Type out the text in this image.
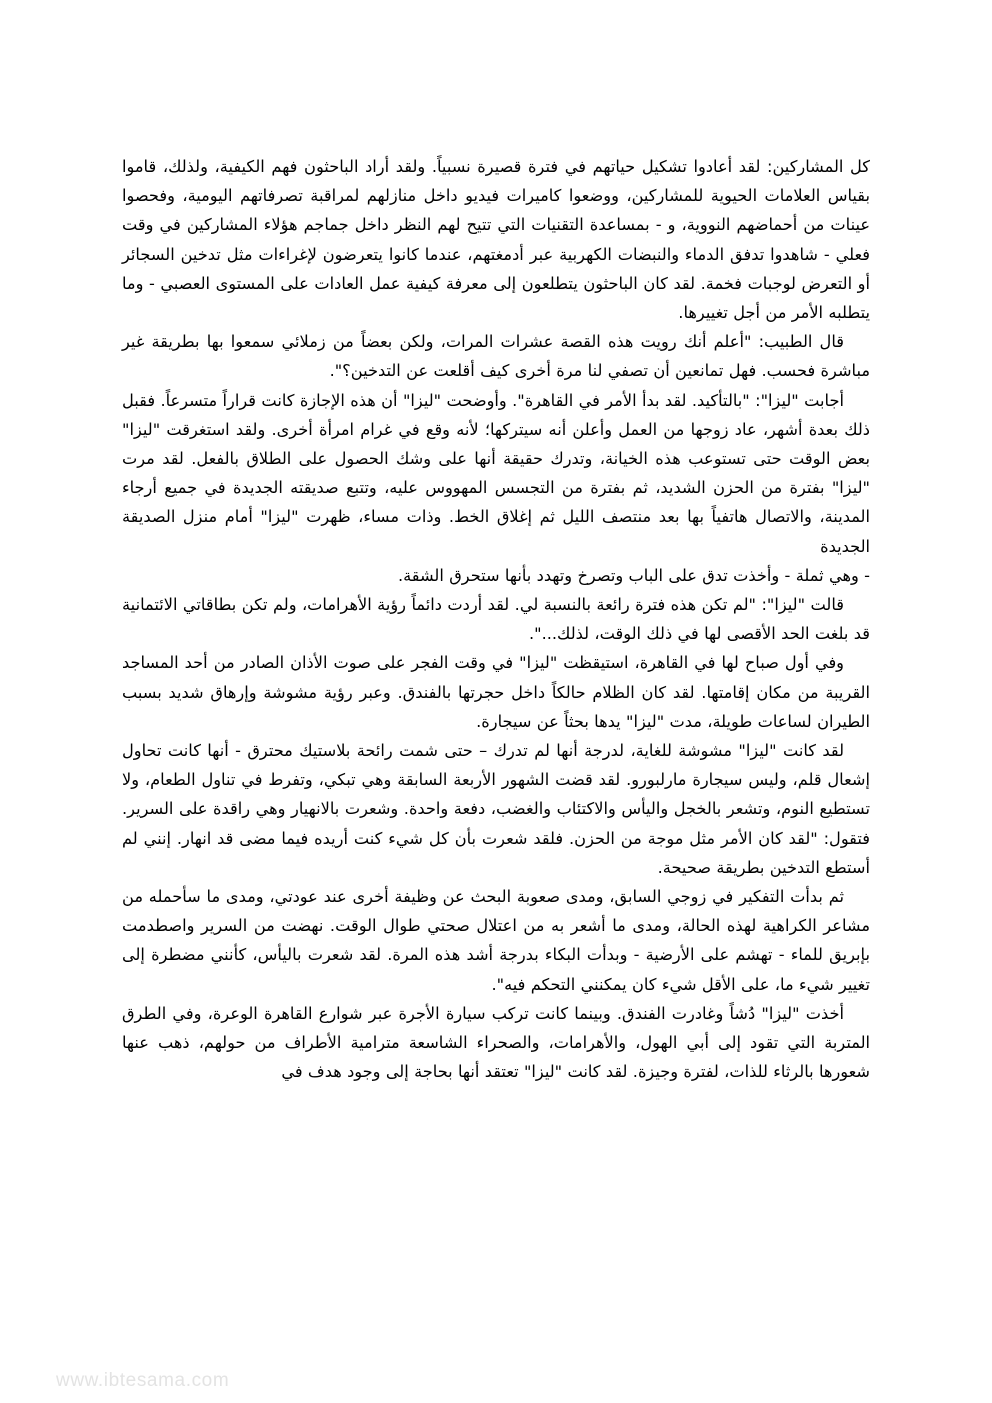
كل المشاركين: لقد أعادوا تشكيل حياتهم في فترة قصيرة نسبياً. ولقد أراد الباحثون فهم الكيفية، ولذلك، قاموا بقياس العلامات الحيوية للمشاركين، ووضعوا كاميرات فيديو داخل منازلهم لمراقبة تصرفاتهم اليومية، وفحصوا عينات من أحماضهم النووية، و - بمساعدة التقنيات التي تتيح لهم النظر داخل جماجم هؤلاء المشاركين في وقت فعلي - شاهدوا تدفق الدماء والنبضات الكهربية عبر أدمغتهم، عندما كانوا يتعرضون لإغراءات مثل تدخين السجائر أو التعرض لوجبات فخمة. لقد كان الباحثون يتطلعون إلى معرفة كيفية عمل العادات على المستوى العصبي - وما يتطلبه الأمر من أجل تغييرها.

قال الطبيب: "أعلم أنك رويت هذه القصة عشرات المرات، ولكن بعضاً من زملائي سمعوا بها بطريقة غير مباشرة فحسب. فهل تمانعين أن تصفي لنا مرة أخرى كيف أقلعت عن التدخين؟".

أجابت "ليزا": "بالتأكيد. لقد بدأ الأمر في القاهرة". وأوضحت "ليزا" أن هذه الإجازة كانت قراراً متسرعاً. فقبل ذلك بعدة أشهر، عاد زوجها من العمل وأعلن أنه سيتركها؛ لأنه وقع في غرام امرأة أخرى. ولقد استغرقت "ليزا" بعض الوقت حتى تستوعب هذه الخيانة، وتدرك حقيقة أنها على وشك الحصول على الطلاق بالفعل. لقد مرت "ليزا" بفترة من الحزن الشديد، ثم بفترة من التجسس المهووس عليه، وتتبع صديقته الجديدة في جميع أرجاء المدينة، والاتصال هاتفياً بها بعد منتصف الليل ثم إغلاق الخط. وذات مساء، ظهرت "ليزا" أمام منزل الصديقة الجديدة

- وهي ثملة - وأخذت تدق على الباب وتصرخ وتهدد بأنها ستحرق الشقة.

قالت "ليزا": "لم تكن هذه فترة رائعة بالنسبة لي. لقد أردت دائماً رؤية الأهرامات، ولم تكن بطاقاتي الائتمانية قد بلغت الحد الأقصى لها في ذلك الوقت، لذلك...".

وفي أول صباح لها في القاهرة، استيقظت "ليزا" في وقت الفجر على صوت الأذان الصادر من أحد المساجد القريبة من مكان إقامتها. لقد كان الظلام حالكاً داخل حجرتها بالفندق. وعبر رؤية مشوشة وإرهاق شديد بسبب الطيران لساعات طويلة، مدت "ليزا" يدها بحثاً عن سيجارة.

لقد كانت "ليزا" مشوشة للغاية، لدرجة أنها لم تدرك – حتى شمت رائحة بلاستيك محترق - أنها كانت تحاول إشعال قلم، وليس سيجارة مارلبورو. لقد قضت الشهور الأربعة السابقة وهي تبكي، وتفرط في تناول الطعام، ولا تستطيع النوم، وتشعر بالخجل واليأس والاكتئاب والغضب، دفعة واحدة. وشعرت بالانهيار وهي راقدة على السرير. فتقول: "لقد كان الأمر مثل موجة من الحزن. فلقد شعرت بأن كل شيء كنت أريده فيما مضى قد انهار. إنني لم أستطع التدخين بطريقة صحيحة.

ثم بدأت التفكير في زوجي السابق، ومدى صعوبة البحث عن وظيفة أخرى عند عودتي، ومدى ما سأحمله من مشاعر الكراهية لهذه الحالة، ومدى ما أشعر به من اعتلال صحتي طوال الوقت. نهضت من السرير واصطدمت بإبريق للماء - تهشم على الأرضية - وبدأت البكاء بدرجة أشد هذه المرة. لقد شعرت باليأس، كأنني مضطرة إلى تغيير شيء ما، على الأقل شيء كان يمكنني التحكم فيه".

أخذت "ليزا" دُشاً وغادرت الفندق. وبينما كانت تركب سيارة الأجرة عبر شوارع القاهرة الوعرة، وفي الطرق المتربة التي تقود إلى أبي الهول، والأهرامات، والصحراء الشاسعة مترامية الأطراف من حولهم، ذهب عنها شعورها بالرثاء للذات، لفترة وجيزة. لقد كانت "ليزا" تعتقد أنها بحاجة إلى وجود هدف في

www.ibtesama.com
